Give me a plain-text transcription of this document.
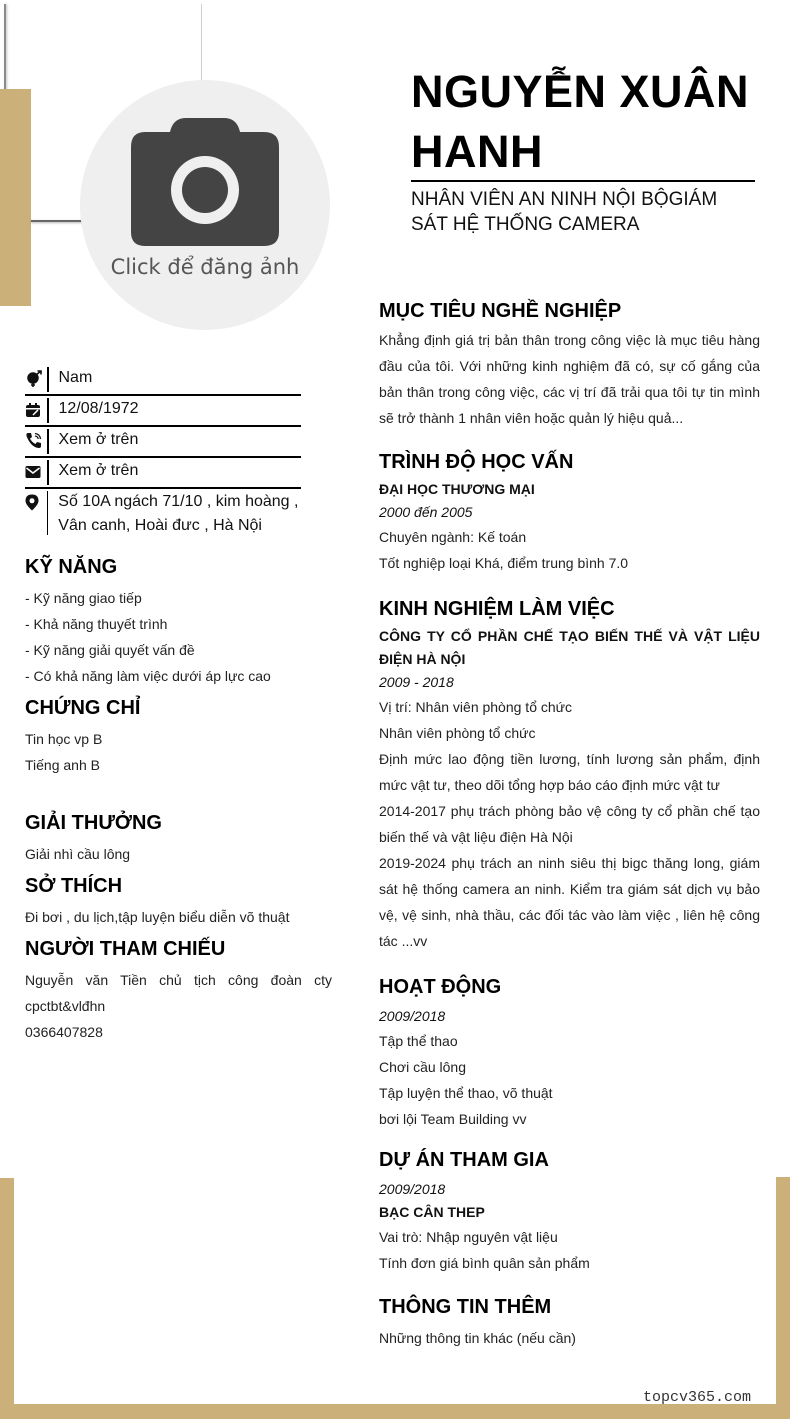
Click để đăng ảnh
NGUYỄN XUÂN
HANH
NHÂN VIÊN AN NINH NỘI BỘGIÁM SÁT HỆ THỐNG CAMERA
Nam
12/08/1972
Xem ở trên
Xem ở trên
Số 10A ngách 71/10 , kim hoàng , Vân canh, Hoài đưc , Hà Nội
KỸ NĂNG

- Kỹ năng giao tiếp

- Khả năng thuyết trình

- Kỹ năng giải quyết vấn đề

- Có khả năng làm việc dưới áp lực cao

CHỨNG CHỈ

Tin học vp B

Tiếng anh B

GIẢI THƯỞNG

Giải nhì cầu lông

SỞ THÍCH

Đi bơi , du lịch,tập luyện biểu diễn võ thuật

NGƯỜI THAM CHIẾU

Nguyễn văn Tiền chủ tịch công đoàn cty cpctbt&vlđhn

0366407828

MỤC TIÊU NGHỀ NGHIỆP

Khẳng định giá trị bản thân trong công việc là mục tiêu hàng đầu của tôi. Với những kinh nghiệm đã có, sự cố gắng của bản thân trong công việc, các vị trí đã trải qua tôi tự tin mình sẽ trở thành 1 nhân viên hoặc quản lý hiệu quả...

TRÌNH ĐỘ HỌC VẤN
ĐẠI HỌC THƯƠNG MẠI
2000 đến 2005

Chuyên ngành: Kế toán

Tốt nghiệp loại Khá, điểm trung bình 7.0

KINH NGHIỆM LÀM VIỆC
CÔNG TY CỔ PHẦN CHẾ TẠO BIẾN THẾ VÀ VẬT LIỆU ĐIỆN HÀ NỘI
2009 - 2018

Vị trí: Nhân viên phòng tổ chức

Nhân viên phòng tổ chức

Định mức lao động tiền lương, tính lương sản phẩm, định mức vật tư, theo dõi tổng hợp báo cáo định mức vật tư

2014-2017 phụ trách phòng bảo vệ công ty cổ phần chế tạo biến thế và vật liệu điện Hà Nội

2019-2024 phụ trách an ninh siêu thị bigc thăng long, giám sát hệ thống camera an ninh. Kiểm tra giám sát dịch vụ bảo vệ, vệ sinh, nhà thầu, các đối tác vào làm việc , liên hệ công tác ...vv

HOẠT ĐỘNG
2009/2018

Tập thể thao

Chơi cầu lông

Tập luyện thể thao, võ thuật

bơi lội Team Building vv

DỰ ÁN THAM GIA
2009/2018
BẠC CÂN THEP

Vai trò: Nhập nguyên vật liệu

Tính đơn giá bình quân sản phẩm

THÔNG TIN THÊM

Những thông tin khác (nếu cần)

topcv365.com
